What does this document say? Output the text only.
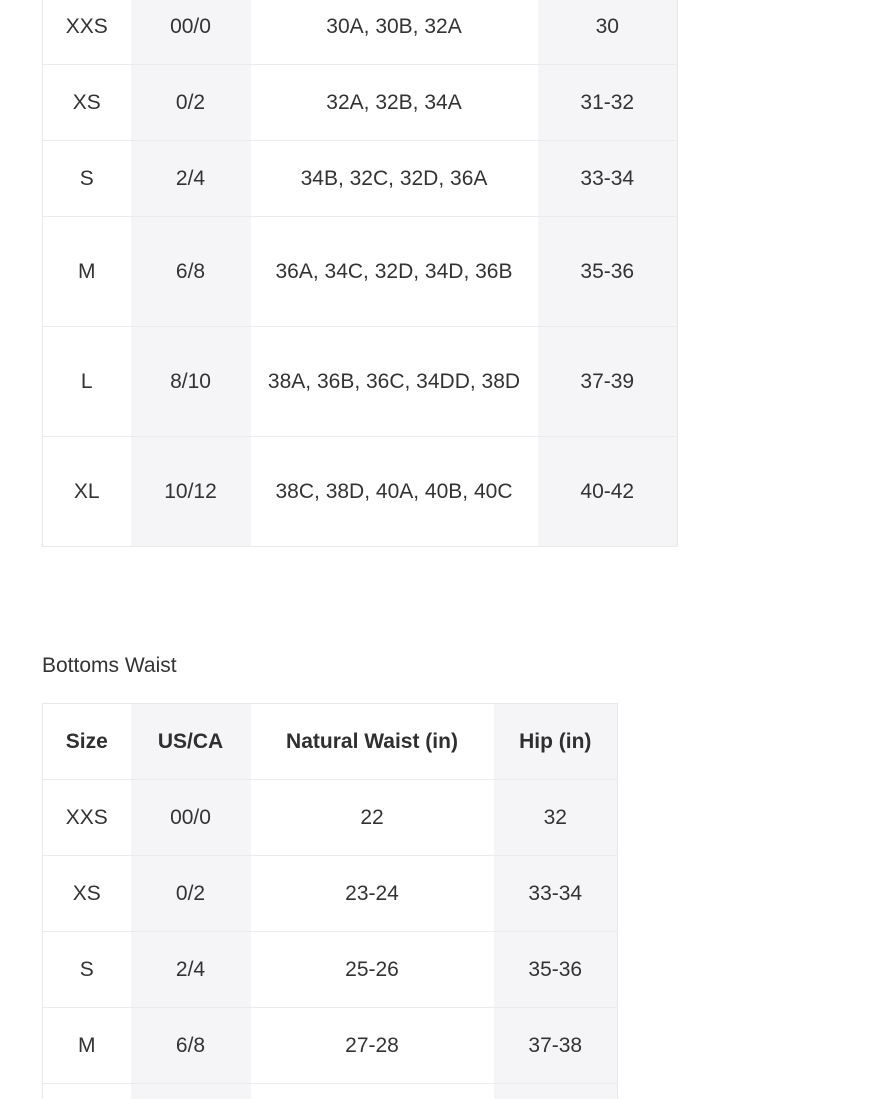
XXS	00/0	30A, 30B, 32A	30
XS	0/2	32A, 32B, 34A	31-32
S	2/4	34B, 32C, 32D, 36A	33-34
M	6/8	36A, 34C, 32D, 34D, 36B	35-36
L	8/10	38A, 36B, 36C, 34DD, 38D	37-39
XL	10/12	38C, 38D, 40A, 40B, 40C	40-42
Bottoms Waist
Size	US/CA	Natural Waist (in)	Hip (in)
XXS	00/0	22	32
XS	0/2	23-24	33-34
S	2/4	25-26	35-36
M	6/8	27-28	37-38
